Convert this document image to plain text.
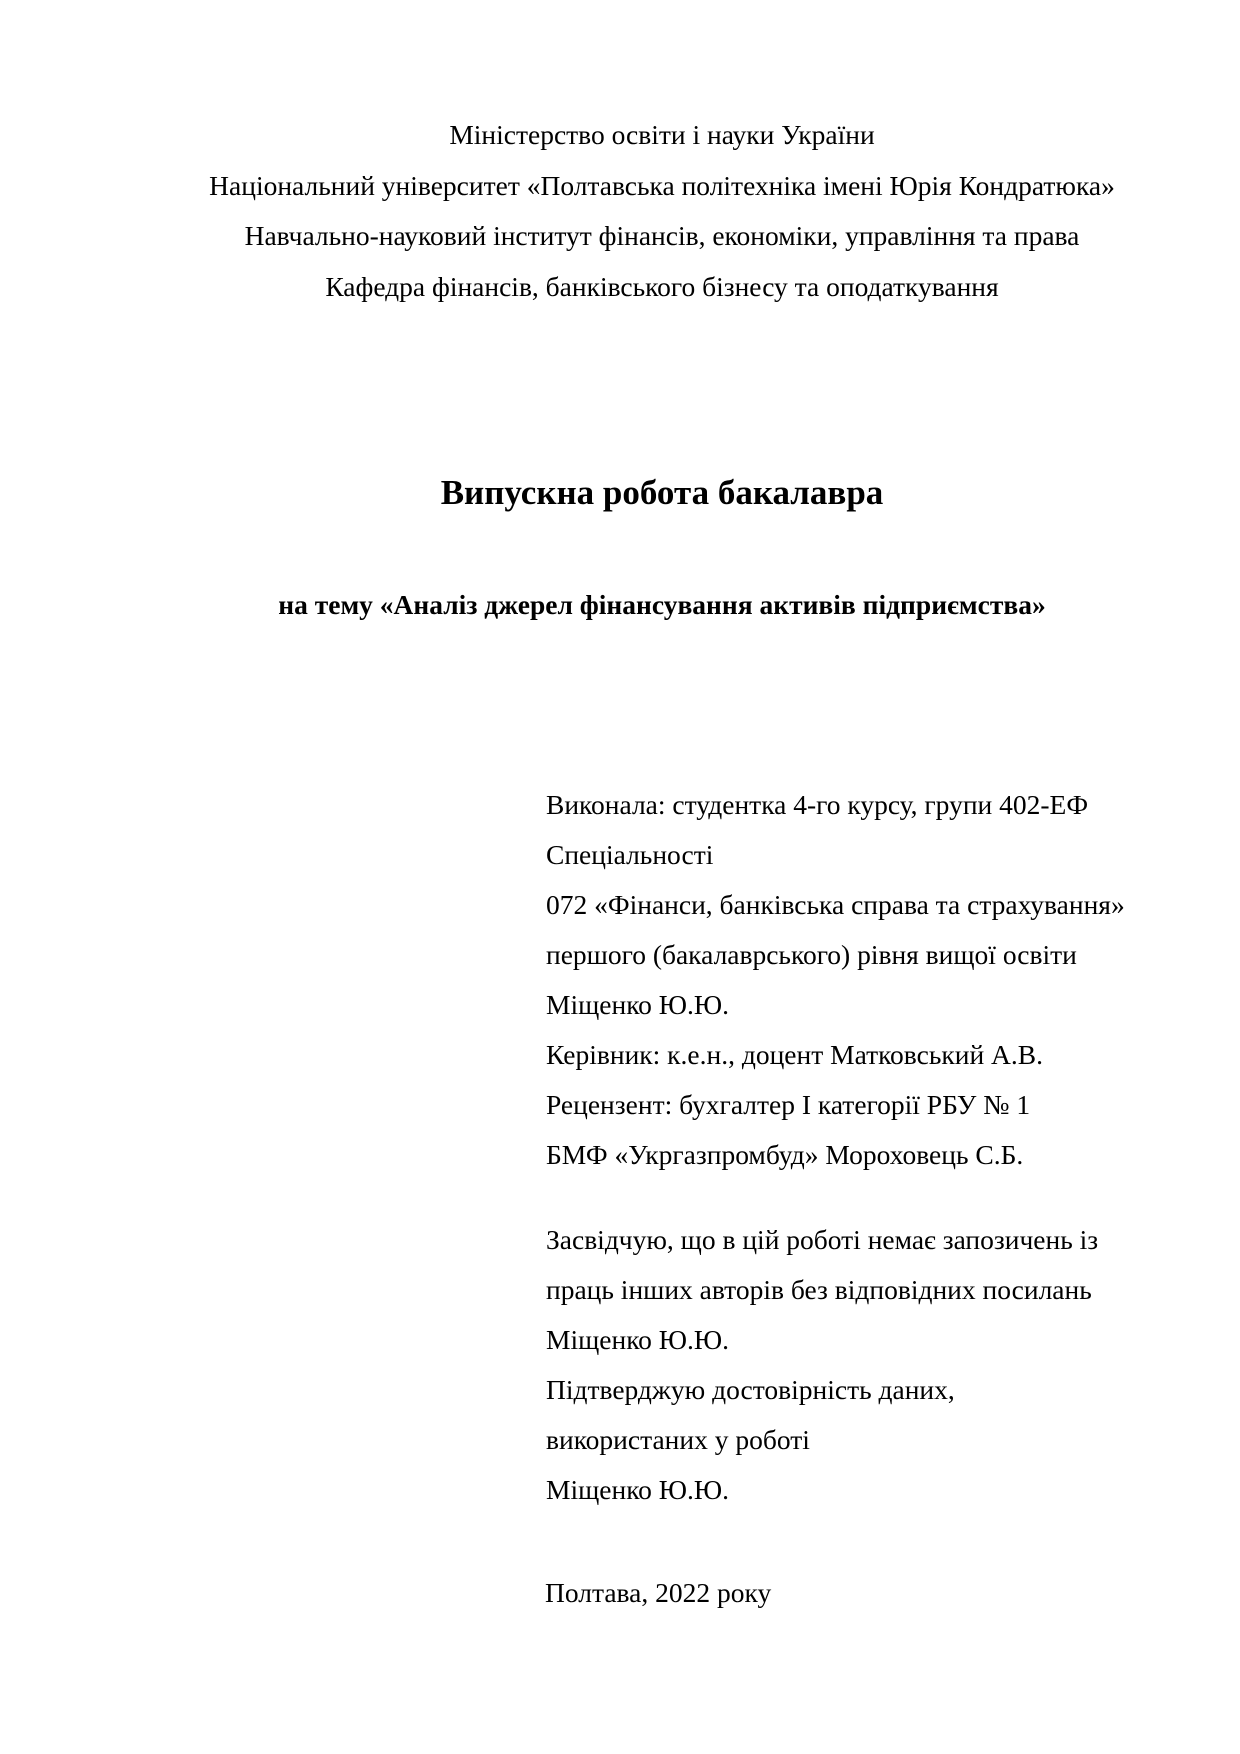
Міністерство освіти і науки України
Національний університет «Полтавська політехніка імені Юрія Кондратюка»
Навчально-науковий інститут фінансів, економіки, управління та права
Кафедра фінансів, банківського бізнесу та оподаткування
Випускна робота бакалавра
на тему «Аналіз джерел фінансування активів підприємства»
Виконала: студентка 4-го курсу, групи 402-ЕФ
Спеціальності
072 «Фінанси, банківська справа та страхування»
першого (бакалаврського) рівня вищої освіти
Міщенко Ю.Ю.
Керівник: к.е.н., доцент Матковський А.В.
Рецензент: бухгалтер І категорії РБУ № 1
БМФ «Укргазпромбуд» Мороховець С.Б.
Засвідчую, що в цій роботі немає запозичень із
праць інших авторів без відповідних посилань
Міщенко Ю.Ю.
Підтверджую достовірність даних,
використаних у роботі
Міщенко Ю.Ю.
Полтава, 2022 року
